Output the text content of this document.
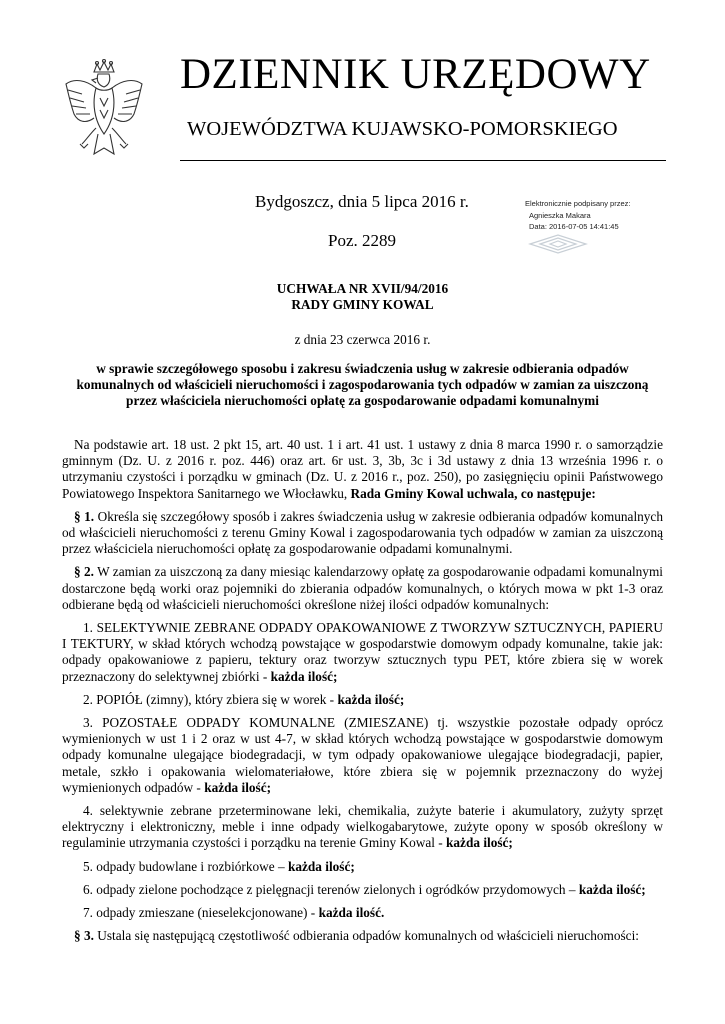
DZIENNIK URZĘDOWY
WOJEWÓDZTWA KUJAWSKO-POMORSKIEGO
Bydgoszcz, dnia 5 lipca 2016 r.
Poz. 2289
Elektronicznie podpisany przez:
Agnieszka Makara
Data: 2016-07-05 14:41:45
UCHWAŁA NR XVII/94/2016
RADY GMINY KOWAL
z dnia 23 czerwca 2016 r.
w sprawie szczegółowego sposobu i zakresu świadczenia usług w zakresie odbierania odpadów komunalnych od właścicieli nieruchomości i zagospodarowania tych odpadów w zamian za uiszczoną przez właściciela nieruchomości opłatę za gospodarowanie odpadami komunalnymi

Na podstawie art. 18 ust. 2 pkt 15, art. 40 ust. 1 i art. 41 ust. 1 ustawy z dnia 8 marca 1990 r. o samorządzie gminnym (Dz. U. z 2016 r. poz. 446) oraz art. 6r ust. 3, 3b, 3c i 3d ustawy z dnia 13 września 1996 r. o utrzymaniu czystości i porządku w gminach (Dz. U. z 2016 r., poz. 250), po zasięgnięciu opinii Państwowego Powiatowego Inspektora Sanitarnego we Włocławku, Rada Gminy Kowal uchwala, co następuje:

§ 1. Określa się szczegółowy sposób i zakres świadczenia usług w zakresie odbierania odpadów komunalnych od właścicieli nieruchomości z terenu Gminy Kowal i zagospodarowania tych odpadów w zamian za uiszczoną przez właściciela nieruchomości opłatę za gospodarowanie odpadami komunalnymi.

§ 2. W zamian za uiszczoną za dany miesiąc kalendarzowy opłatę za gospodarowanie odpadami komunalnymi dostarczone będą worki oraz pojemniki do zbierania odpadów komunalnych, o których mowa w pkt 1-3 oraz odbierane będą od właścicieli nieruchomości określone niżej ilości odpadów komunalnych:

1. SELEKTYWNIE ZEBRANE ODPADY OPAKOWANIOWE Z TWORZYW SZTUCZNYCH, PAPIERU I TEKTURY, w skład których wchodzą powstające w gospodarstwie domowym odpady komunalne, takie jak: odpady opakowaniowe z papieru, tektury oraz tworzyw sztucznych typu PET, które zbiera się w worek przeznaczony do selektywnej zbiórki - każda ilość;

2. POPIÓŁ (zimny), który zbiera się w worek - każda ilość;

3. POZOSTAŁE ODPADY KOMUNALNE (ZMIESZANE) tj. wszystkie pozostałe odpady oprócz wymienionych w ust 1 i 2 oraz w ust 4-7, w skład których wchodzą powstające w gospodarstwie domowym odpady komunalne ulegające biodegradacji, w tym odpady opakowaniowe ulegające biodegradacji, papier, metale, szkło i opakowania wielomateriałowe, które zbiera się w pojemnik przeznaczony do wyżej wymienionych odpadów - każda ilość;

4. selektywnie zebrane przeterminowane leki, chemikalia, zużyte baterie i akumulatory, zużyty sprzęt elektryczny i elektroniczny, meble i inne odpady wielkogabarytowe, zużyte opony w sposób określony w regulaminie utrzymania czystości i porządku na terenie Gminy Kowal - każda ilość;

5. odpady budowlane i rozbiórkowe – każda ilość;

6. odpady zielone pochodzące z pielęgnacji terenów zielonych i ogródków przydomowych – każda ilość;

7. odpady zmieszane (nieselekcjonowane) - każda ilość.

§ 3. Ustala się następującą częstotliwość odbierania odpadów komunalnych od właścicieli nieruchomości:
